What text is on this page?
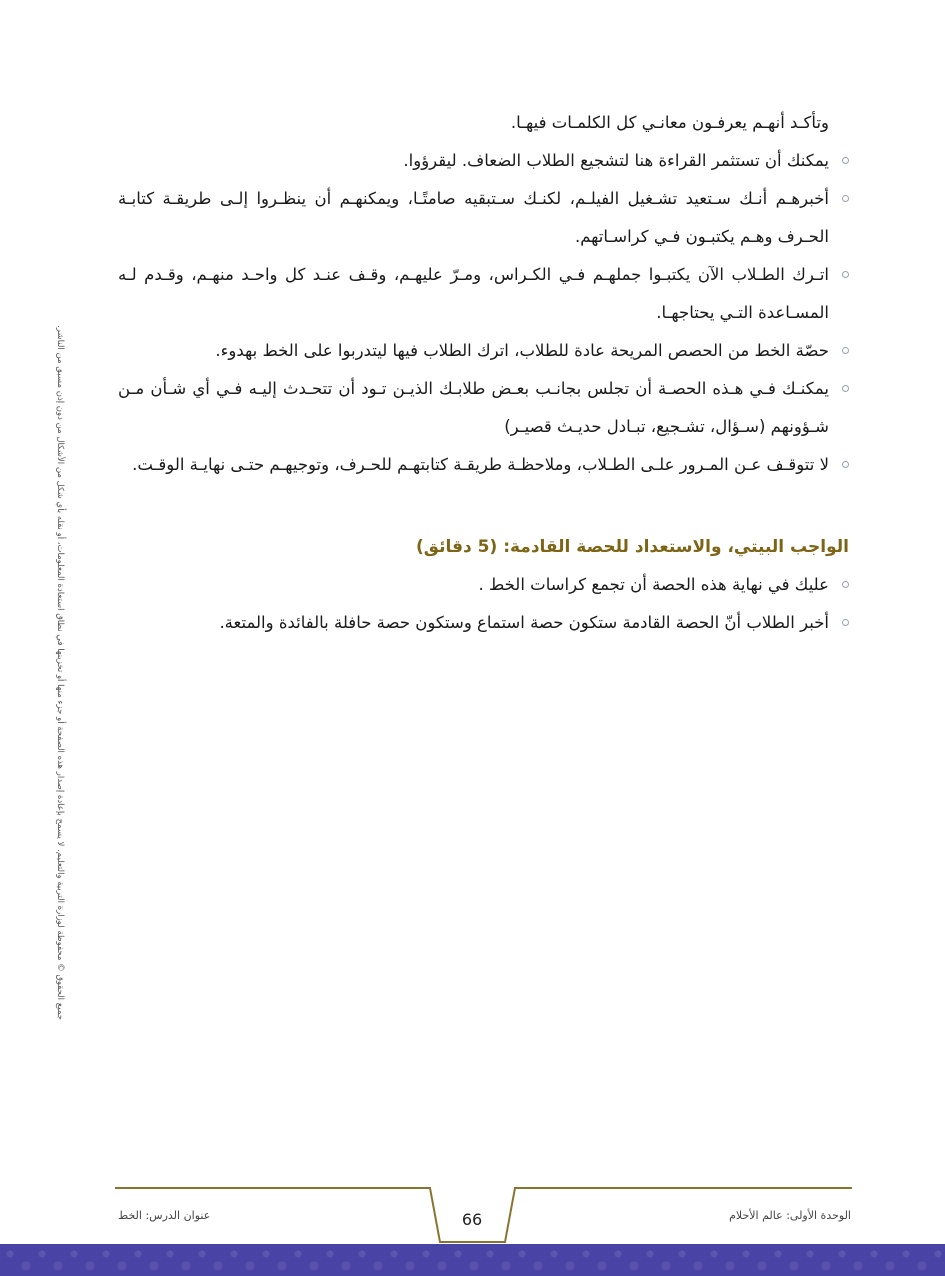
وتأكـد أنهـم يعرفـون معانـي كل الكلمـات فيهـا.

يمكنك أن تستثمر القراءة هنا لتشجيع الطلاب الضعاف. ليقرؤوا.
أخبرهـم أنـك سـتعيد تشـغيل الفيلـم، لكنـك سـتبقيه صامتًـا، ويمكنهـم أن ينظـروا إلـى طريقـة كتابـة الحـرف وهـم يكتبـون فـي كراسـاتهم.
اتـرك الطـلاب الآن يكتبـوا جملهـم فـي الكـراس، ومـرّ عليهـم، وقـف عنـد كل واحـد منهـم، وقـدم لـه المسـاعدة التـي يحتاجهـا.
حصّة الخط من الحصص المريحة عادة للطلاب، اترك الطلاب فيها ليتدربوا على الخط بهدوء.
يمكنـك فـي هـذه الحصـة أن تجلس بجانـب بعـض طلابـك الذيـن تـود أن تتحـدث إليـه فـي أي شـأن مـن شـؤونهم (سـؤال، تشـجيع، تبـادل حديـث قصيـر)
لا تتوقـف عـن المـرور علـى الطـلاب، وملاحظـة طريقـة كتابتهـم للحـرف، وتوجيهـم حتـى نهايـة الوقـت.
الواجب البيتي، والاستعداد للحصة القادمة: (5 دقائق)
عليك في نهاية هذه الحصة أن تجمع كراسات الخط .
أخبر الطلاب أنّ الحصة القادمة ستكون حصة استماع وستكون حصة حافلة بالفائدة والمتعة.
جميع الحقوق © محفوظة لوزارة التربية والتعليم. لا يسمح بإعادة إصدار هذه الصفحة أو جزء منها أو تخزينها في نطاق استعادة المعلومات، أو نقله بأي شكل من الأشكال من دون إذن مسبق من الناشر.
عنوان الدرس: الخط	66	الوحدة الأولى: عالم الأحلام
